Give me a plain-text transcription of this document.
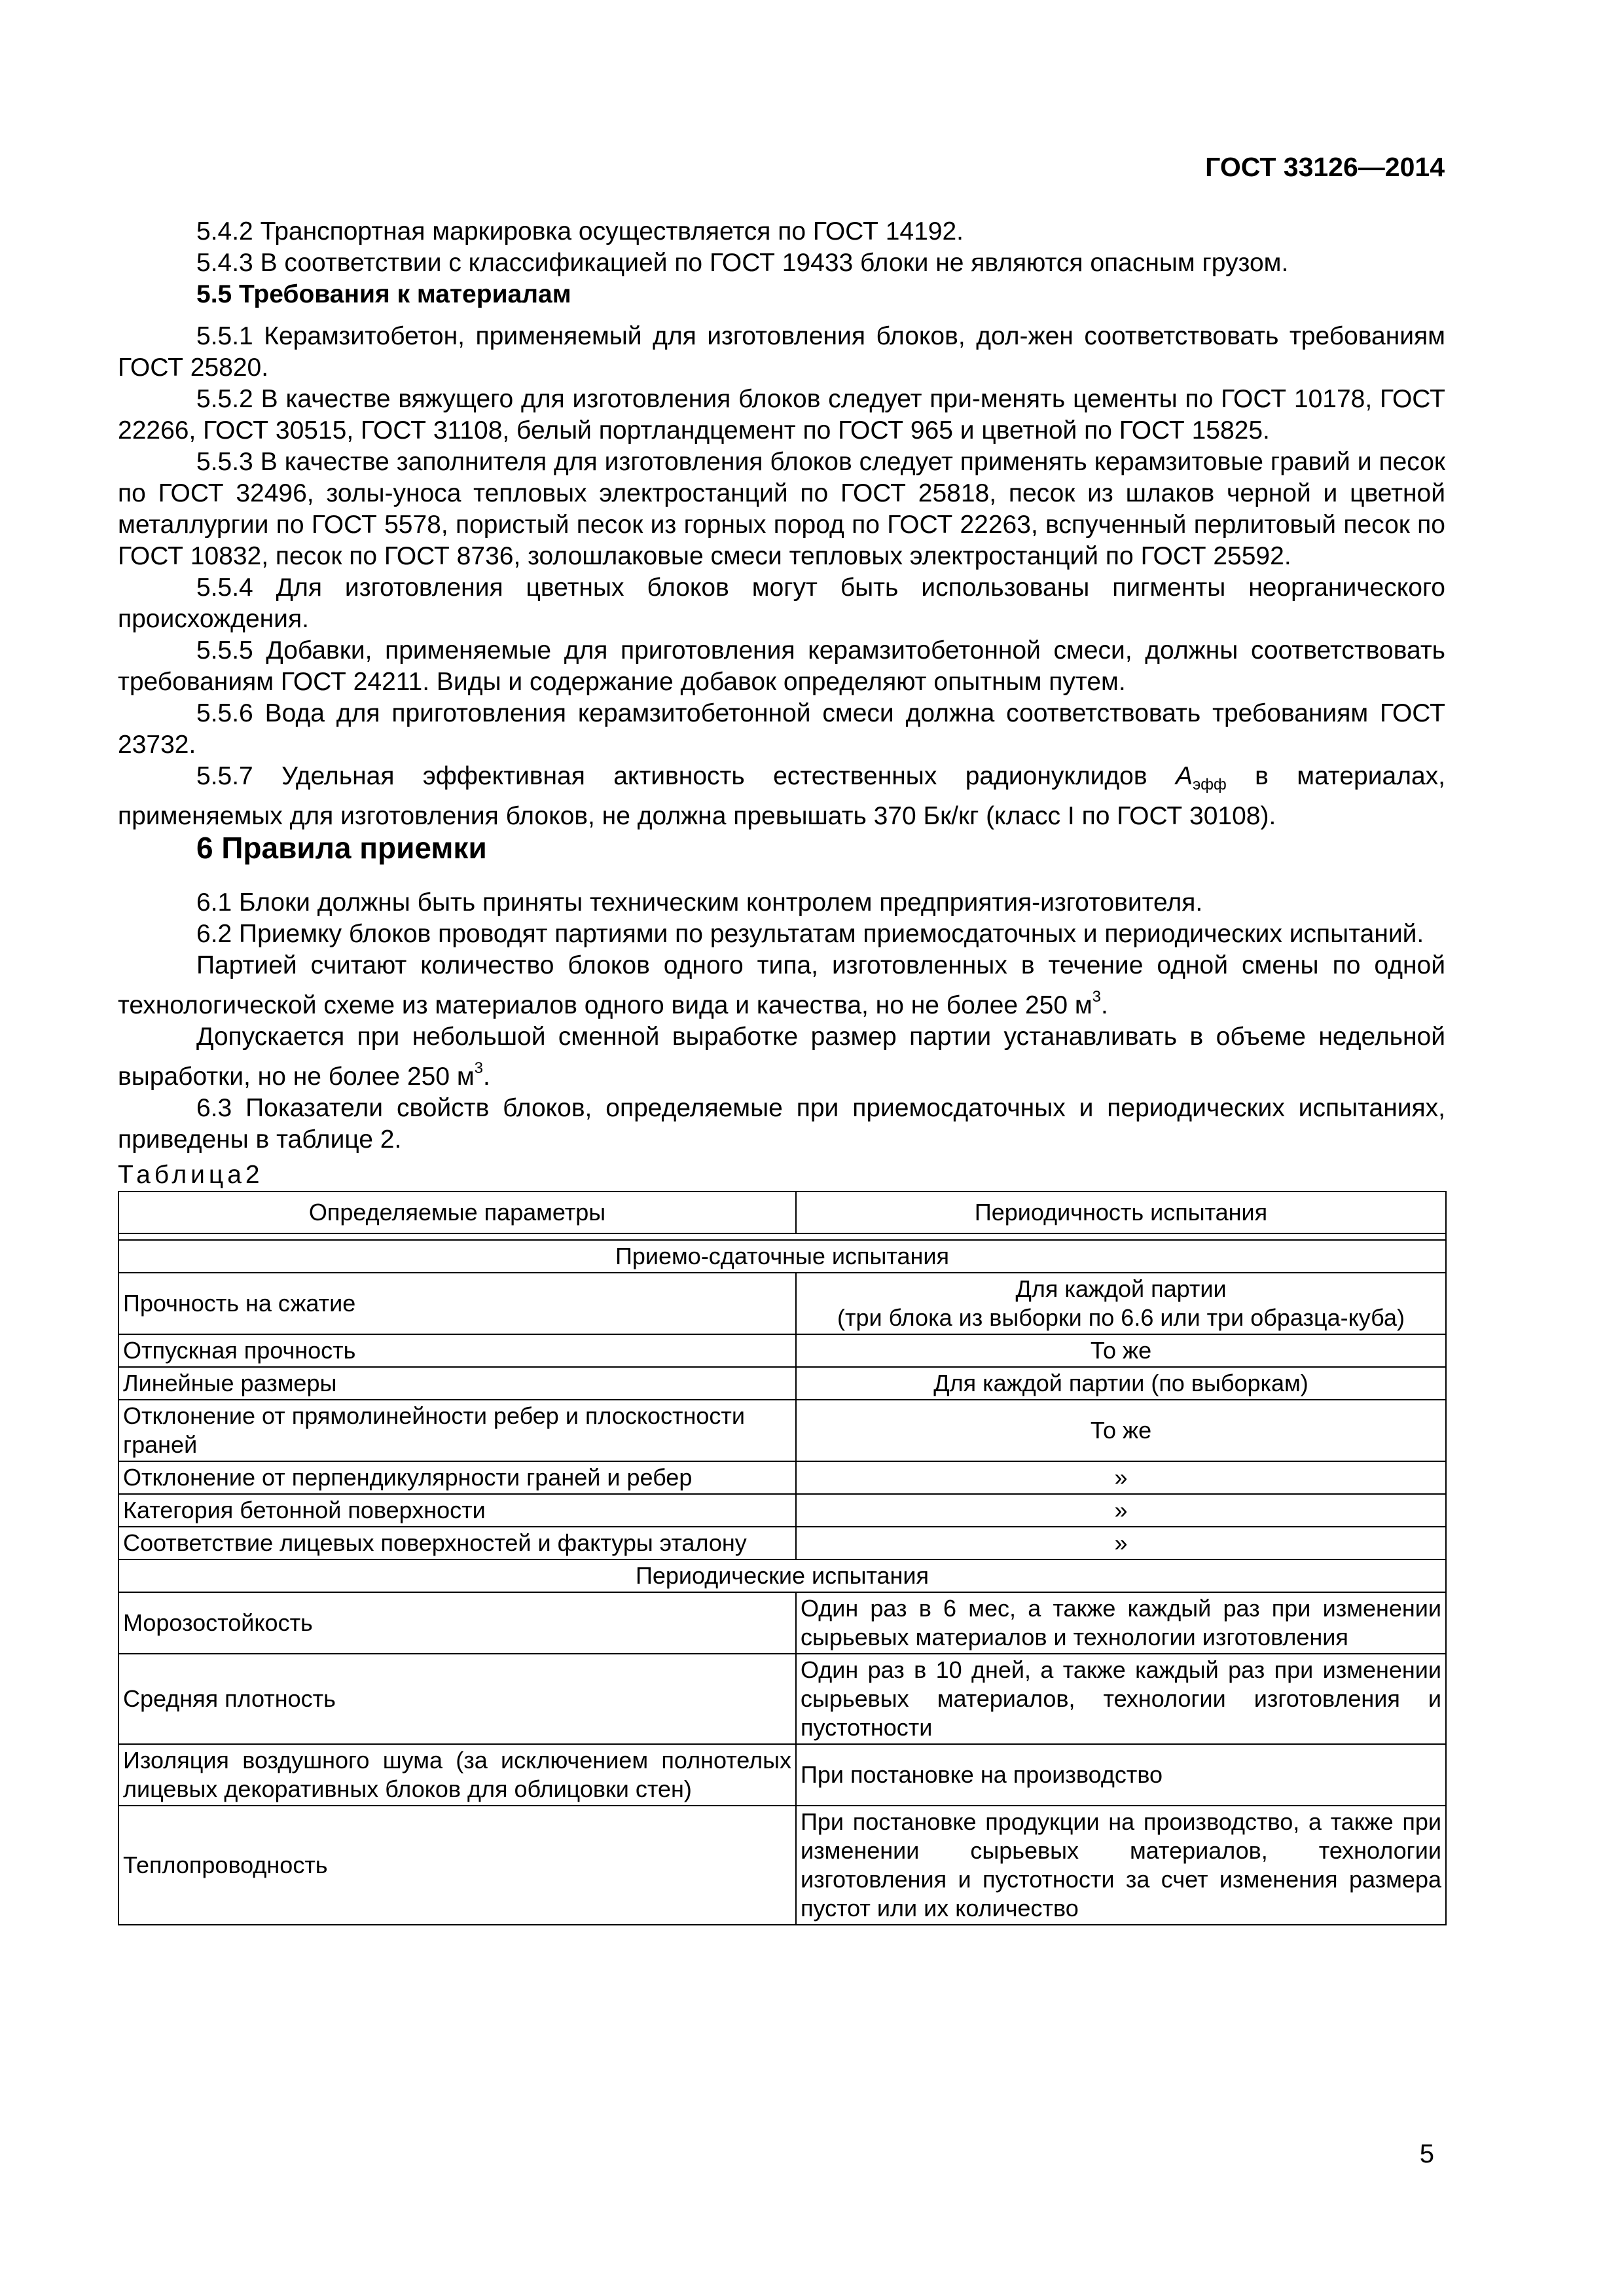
ГОСТ 33126—2014

5.4.2 Транспортная маркировка осуществляется по ГОСТ 14192.

5.4.3 В соответствии с классификацией по ГОСТ 19433 блоки не являются опасным грузом.

5.5 Требования к материалам

5.5.1 Керамзитобетон, применяемый для изготовления блоков, дол-жен соответствовать требованиям ГОСТ 25820.

5.5.2 В качестве вяжущего для изготовления блоков следует при-менять цементы по ГОСТ 10178, ГОСТ 22266, ГОСТ 30515, ГОСТ 31108, белый портландцемент по ГОСТ 965 и цветной по ГОСТ 15825.

5.5.3 В качестве заполнителя для изготовления блоков следует применять керамзитовые гравий и песок по ГОСТ 32496, золы-уноса тепловых электростанций по ГОСТ 25818, песок из шлаков черной и цветной металлургии по ГОСТ 5578, пористый песок из горных пород по ГОСТ 22263, вспученный перлитовый песок по ГОСТ 10832, песок по ГОСТ 8736, золошлаковые смеси тепловых электростанций по ГОСТ 25592.

5.5.4 Для изготовления цветных блоков могут быть использованы пигменты неорганического происхождения.

5.5.5 Добавки, применяемые для приготовления керамзитобетонной смеси, должны соответствовать требованиям ГОСТ 24211. Виды и содержание добавок определяют опытным путем.

5.5.6 Вода для приготовления керамзитобетонной смеси должна соответствовать требованиям ГОСТ 23732.

5.5.7 Удельная эффективная активность естественных радионуклидов $A_{эфф}$ в материалах, применяемых для изготовления блоков, не должна превышать 370 Бк/кг (класс I по ГОСТ 30108).

6 Правила приемки

6.1 Блоки должны быть приняты техническим контролем предприятия-изготовителя.

6.2 Приемку блоков проводят партиями по результатам приемосдаточных и периодических испытаний.

Партией считают количество блоков одного типа, изготовленных в течение одной смены по одной технологической схеме из материалов одного вида и качества, но не более 250 $м^3$.

Допускается при небольшой сменной выработке размер партии устанавливать в объеме недельной выработки, но не более 250 $м^3$.

6.3 Показатели свойств блоков, определяемые при приемосдаточных и периодических испытаниях, приведены в таблице 2.

Таблица2
Определяемые параметры	Периодичность испытания

Приемо-сдаточные испытания	
Прочность на сжатие	Для каждой партии
(три блока из выборки по 6.6 или три образца-куба)
Отпускная прочность	То же
Линейные размеры	Для каждой партии (по выборкам)
Отклонение от прямолинейности ребер и плоскостности граней	То же
Отклонение от перпендикулярности граней и ребер	»
Категория бетонной поверхности	»
Соответствие лицевых поверхностей и фактуры эталону	»
Периодические испытания	
Морозостойкость	Один раз в 6 мес, а также каждый раз при изменении сырьевых материалов и технологии изготовления
Средняя плотность	Один раз в 10 дней, а также каждый раз при изменении сырьевых материалов, технологии изготовления и пустотности
Изоляция воздушного шума (за исключением полнотелых лицевых декоративных блоков для облицовки стен)	При постановке на производство
Теплопроводность	При постановке продукции на производство, а также при изменении сырьевых материалов, технологии изготовления и пустотности за счет изменения размера пустот или их количество
5
